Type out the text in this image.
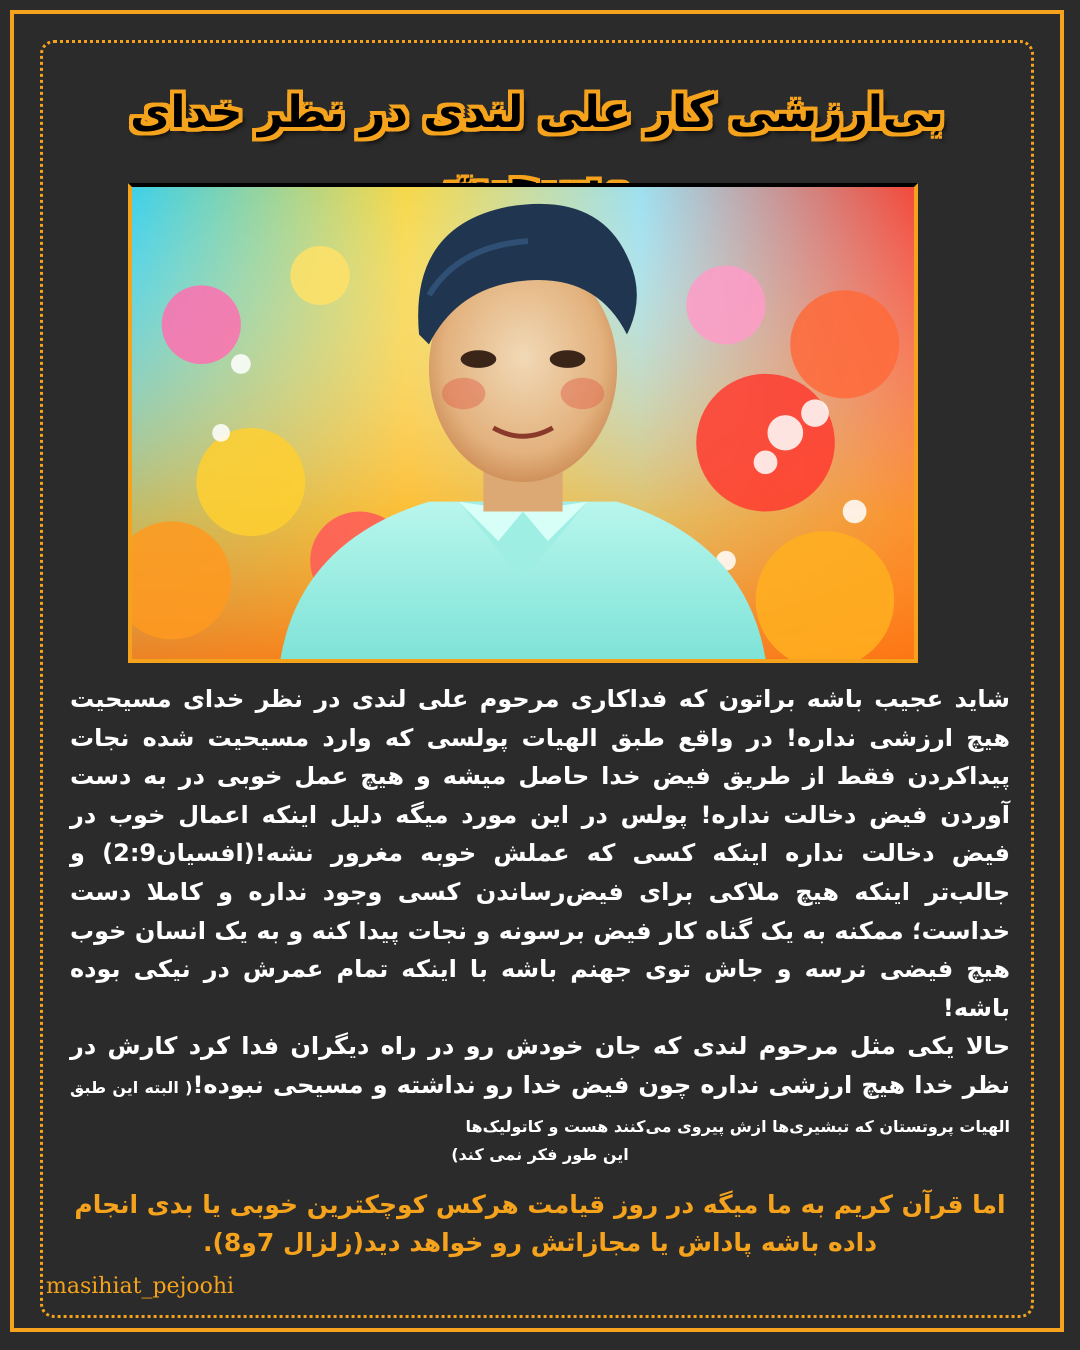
بی‌ارزشی کار علی لندی در نظر خدای

شاید عجیب باشه براتون که فداکاری مرحوم علی لندی در نظر خدای مسیحیت هیچ ارزشی نداره! در واقع طبق الهیات پولسی که وارد مسیحیت شده نجات پیداکردن فقط از طریق فیض خدا حاصل میشه و هیچ عمل خوبی در به دست آوردن فیض دخالت نداره! پولس در این مورد میگه دلیل اینکه اعمال خوب در فیض دخالت نداره اینکه کسی که عملش خوبه مغرور نشه!(افسیان2:9) و جالب‌تر اینکه هیچ ملاکی برای فیض‌رساندن کسی وجود نداره و کاملا دست خداست؛ ممکنه به یک گناه کار فیض برسونه و نجات پیدا کنه و به یک انسان خوب هیچ فیضی نرسه و جاش توی جهنم باشه با اینکه تمام عمرش در نیکی بوده باشه!

حالا یکی مثل مرحوم لندی که جان خودش رو در راه دیگران فدا کرد کارش در نظر خدا هیچ ارزشی نداره چون فیض خدا رو نداشته و مسیحی نبوده!( البته این طبق الهیات پروتستان که تبشیری‌ها ازش پیروی می‌کنند هست و کاتولیک‌ها

این طور فکر نمی کند)

اما قرآن کریم به ما میگه در روز قیامت هرکس کوچکترین خوبی یا بدی انجام داده باشه پاداش یا مجازاتش رو خواهد دید(زلزال 7و8).
masihiat_pejoohi
